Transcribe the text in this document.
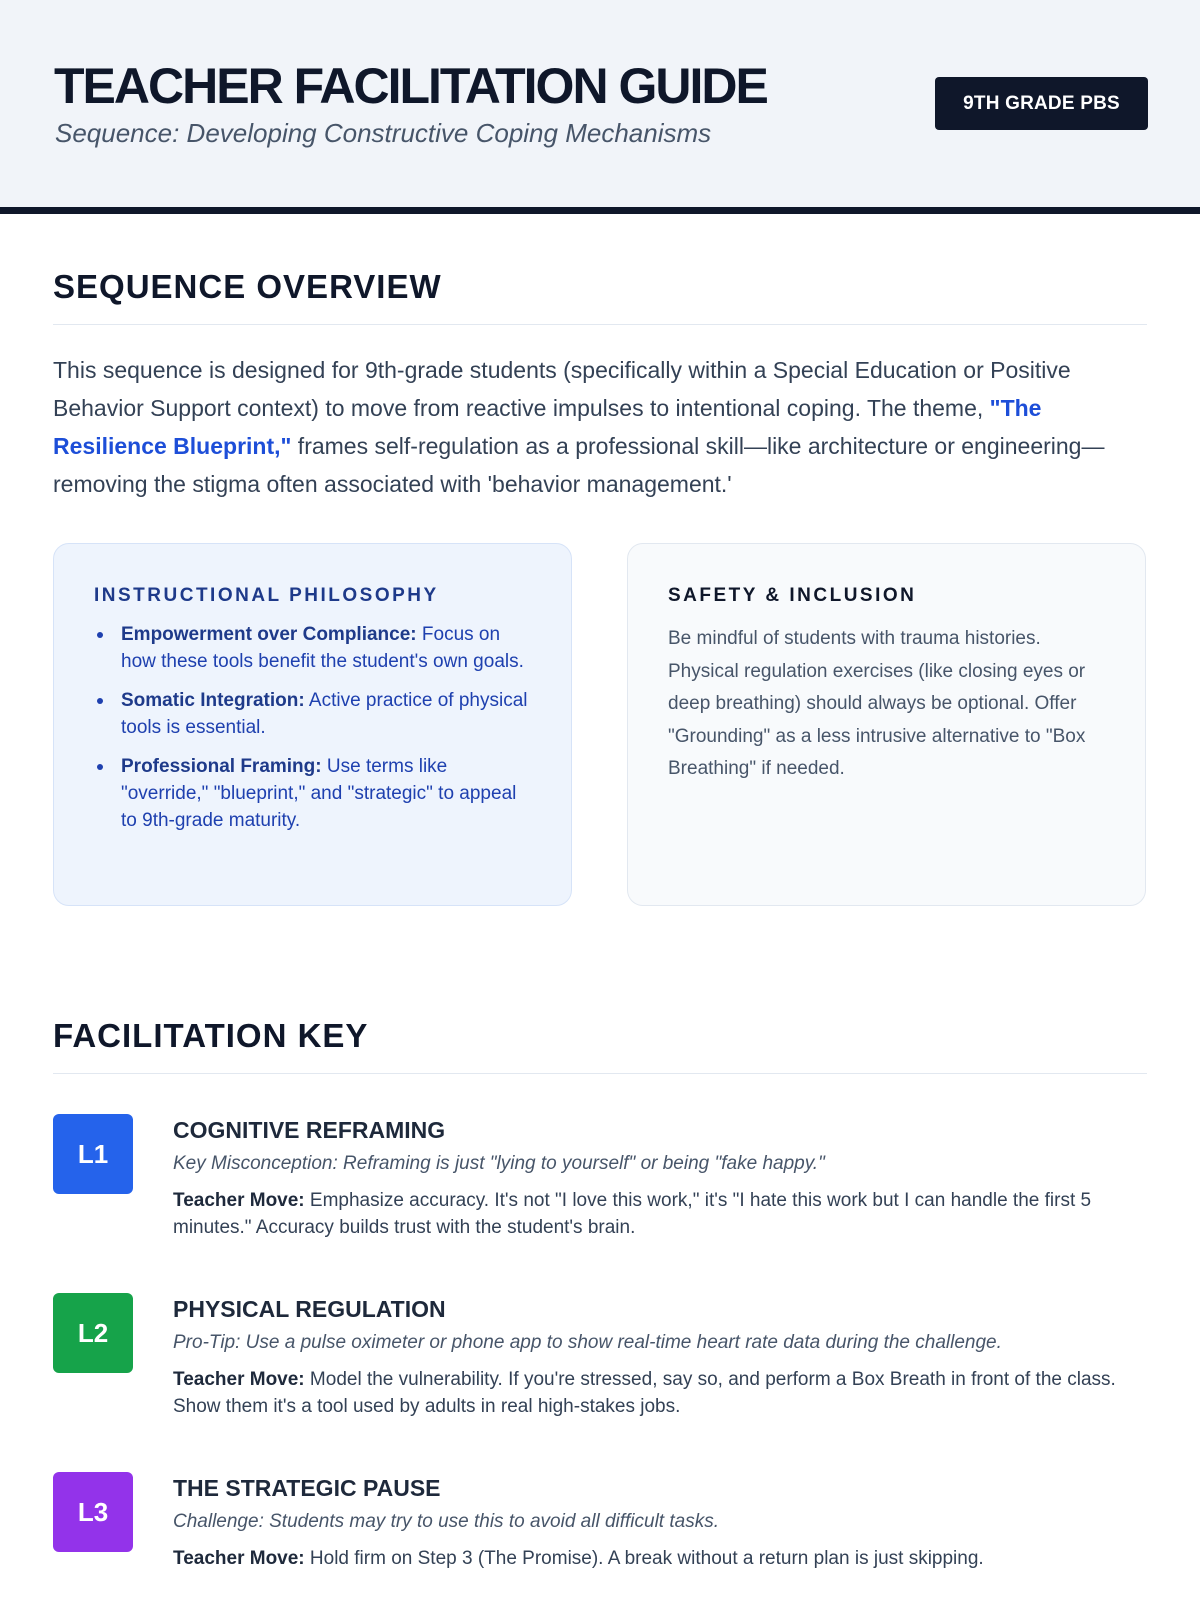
TEACHER FACILITATION GUIDE
Sequence: Developing Constructive Coping Mechanisms
9TH GRADE PBS
SEQUENCE OVERVIEW

This sequence is designed for 9th-grade students (specifically within a Special Education or Positive Behavior Support context) to move from reactive impulses to intentional coping. The theme, "The Resilience Blueprint," frames self-regulation as a professional skill—like architecture or engineering—removing the stigma often associated with 'behavior management.'

INSTRUCTIONAL PHILOSOPHY
Empowerment over Compliance: Focus on how these tools benefit the student's own goals.
Somatic Integration: Active practice of physical tools is essential.
Professional Framing: Use terms like "override," "blueprint," and "strategic" to appeal to 9th-grade maturity.
SAFETY & INCLUSION

Be mindful of students with trauma histories. Physical regulation exercises (like closing eyes or deep breathing) should always be optional. Offer "Grounding" as a less intrusive alternative to "Box Breathing" if needed.

FACILITATION KEY
L1
COGNITIVE REFRAMING

Key Misconception: Reframing is just "lying to yourself" or being "fake happy."

Teacher Move: Emphasize accuracy. It's not "I love this work," it's "I hate this work but I can handle the first 5 minutes." Accuracy builds trust with the student's brain.

L2
PHYSICAL REGULATION

Pro-Tip: Use a pulse oximeter or phone app to show real-time heart rate data during the challenge.

Teacher Move: Model the vulnerability. If you're stressed, say so, and perform a Box Breath in front of the class. Show them it's a tool used by adults in real high-stakes jobs.

L3
THE STRATEGIC PAUSE

Challenge: Students may try to use this to avoid all difficult tasks.

Teacher Move: Hold firm on Step 3 (The Promise). A break without a return plan is just skipping.
